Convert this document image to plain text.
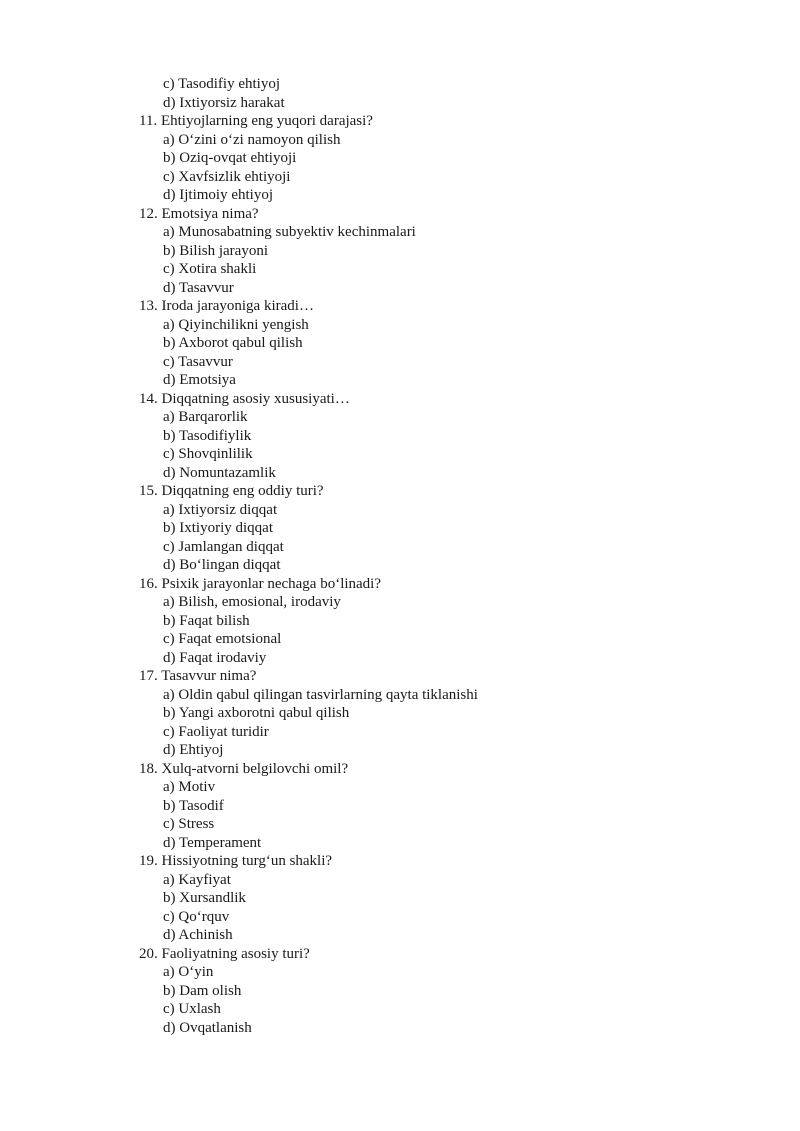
c) Tasodifiy ehtiyoj
d) Ixtiyorsiz harakat
11. Ehtiyojlarning eng yuqori darajasi?
a) O‘zini o‘zi namoyon qilish
b) Oziq-ovqat ehtiyoji
c) Xavfsizlik ehtiyoji
d) Ijtimoiy ehtiyoj
12. Emotsiya nima?
a) Munosabatning subyektiv kechinmalari
b) Bilish jarayoni
c) Xotira shakli
d) Tasavvur
13. Iroda jarayoniga kiradi…
a) Qiyinchilikni yengish
b) Axborot qabul qilish
c) Tasavvur
d) Emotsiya
14. Diqqatning asosiy xususiyati…
a) Barqarorlik
b) Tasodifiylik
c) Shovqinlilik
d) Nomuntazamlik
15. Diqqatning eng oddiy turi?
a) Ixtiyorsiz diqqat
b) Ixtiyoriy diqqat
c) Jamlangan diqqat
d) Bo‘lingan diqqat
16. Psixik jarayonlar nechaga bo‘linadi?
a) Bilish, emosional, irodaviy
b) Faqat bilish
c) Faqat emotsional
d) Faqat irodaviy
17. Tasavvur nima?
a) Oldin qabul qilingan tasvirlarning qayta tiklanishi
b) Yangi axborotni qabul qilish
c) Faoliyat turidir
d) Ehtiyoj
18. Xulq-atvorni belgilovchi omil?
a) Motiv
b) Tasodif
c) Stress
d) Temperament
19. Hissiyotning turg‘un shakli?
a) Kayfiyat
b) Xursandlik
c) Qo‘rquv
d) Achinish
20. Faoliyatning asosiy turi?
a) O‘yin
b) Dam olish
c) Uxlash
d) Ovqatlanish
